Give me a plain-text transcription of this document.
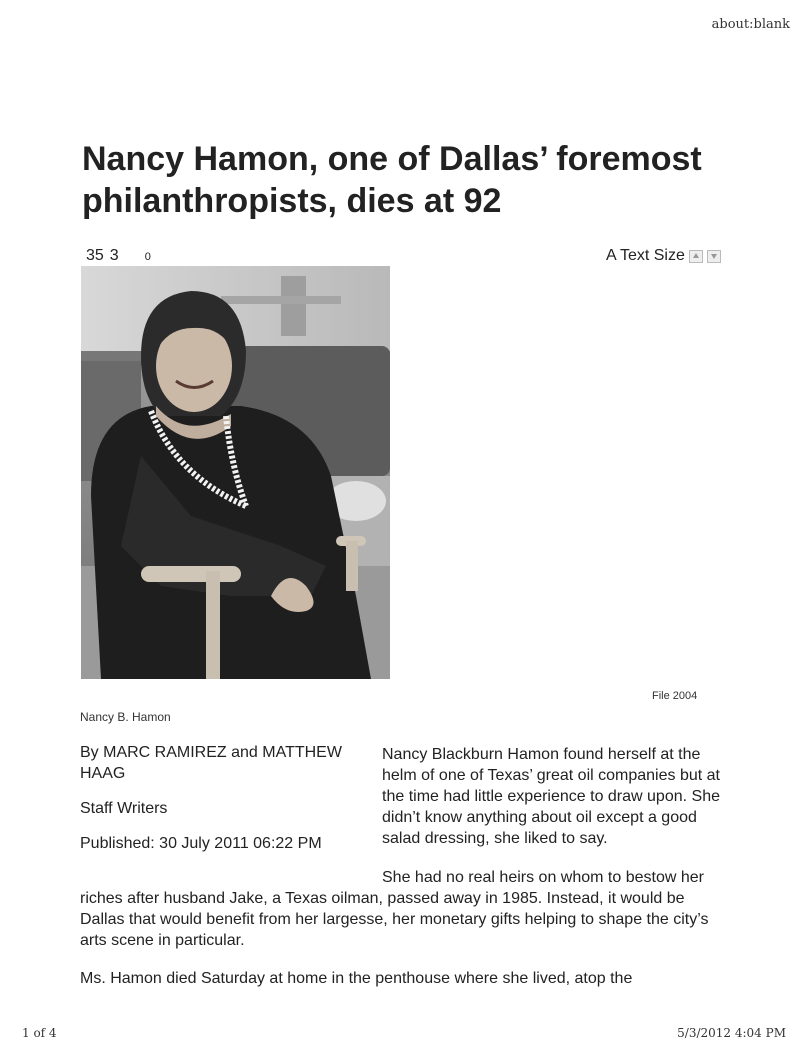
about:blank
Nancy Hamon, one of Dallas’ foremost philanthropists, dies at 92
35 3 0	A Text Size
File 2004
Nancy B. Hamon

By MARC RAMIREZ and MATTHEW HAAG

Staff Writers

Published: 30 July 2011 06:22 PM

Nancy Blackburn Hamon found herself at the helm of one of Texas’ great oil companies but at the time had little experience to draw upon. She didn’t know anything about oil except a good salad dressing, she liked to say.

She had no real heirs on whom to bestow her

riches after husband Jake, a Texas oilman, passed away in 1985. Instead, it would be Dallas that would benefit from her largesse, her monetary gifts helping to shape the city’s arts scene in particular.

Ms. Hamon died Saturday at home in the penthouse where she lived, atop the

1 of 4	5/3/2012 4:04 PM
